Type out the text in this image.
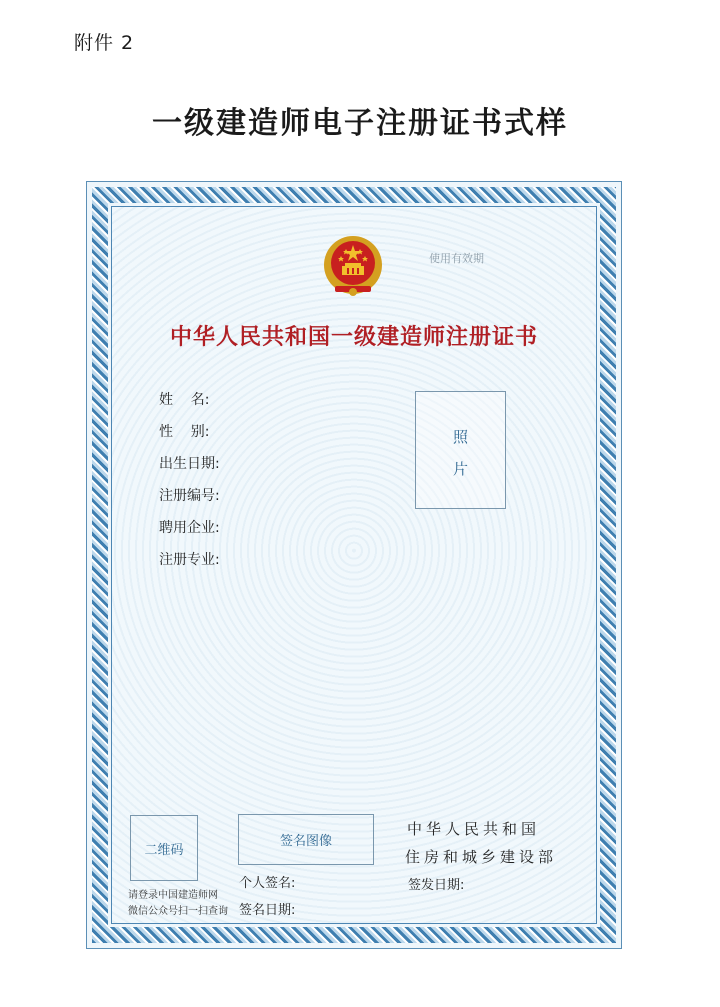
附件 2
一级建造师电子注册证书式样
使用有效期
中华人民共和国一级建造师注册证书
姓    名:
性    别:
出生日期:
注册编号:
聘用企业:
注册专业:
照
片
二维码
请登录中国建造师网
微信公众号扫一扫查询
签名图像
个人签名:
签名日期:
中华人民共和国
住房和城乡建设部
签发日期:
